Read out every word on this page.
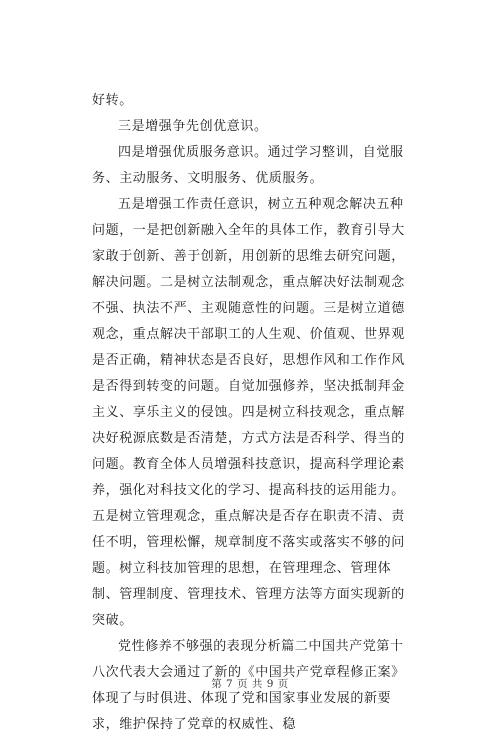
好转。

三是增强争先创优意识。

四是增强优质服务意识。通过学习整训，自觉服务、主动服务、文明服务、优质服务。

五是增强工作责任意识，树立五种观念解决五种问题，一是把创新融入全年的具体工作，教育引导大家敢于创新、善于创新，用创新的思维去研究问题，解决问题。二是树立法制观念，重点解决好法制观念不强、执法不严、主观随意性的问题。三是树立道德观念，重点解决干部职工的人生观、价值观、世界观是否正确，精神状态是否良好，思想作风和工作作风是否得到转变的问题。自觉加强修养，坚决抵制拜金主义、享乐主义的侵蚀。四是树立科技观念，重点解决好税源底数是否清楚，方式方法是否科学、得当的问题。教育全体人员增强科技意识，提高科学理论素养，强化对科技文化的学习、提高科技的运用能力。五是树立管理观念，重点解决是否存在职责不清、责任不明，管理松懈，规章制度不落实或落实不够的问题。树立科技加管理的思想，在管理理念、管理体制、管理制度、管理技术、管理方法等方面实现新的突破。

党性修养不够强的表现分析篇二中国共产党第十八次代表大会通过了新的《中国共产党章程修正案》体现了与时俱进、体现了党和国家事业发展的新要求，维护保持了党章的权威性、稳

第 7 页 共 9 页
